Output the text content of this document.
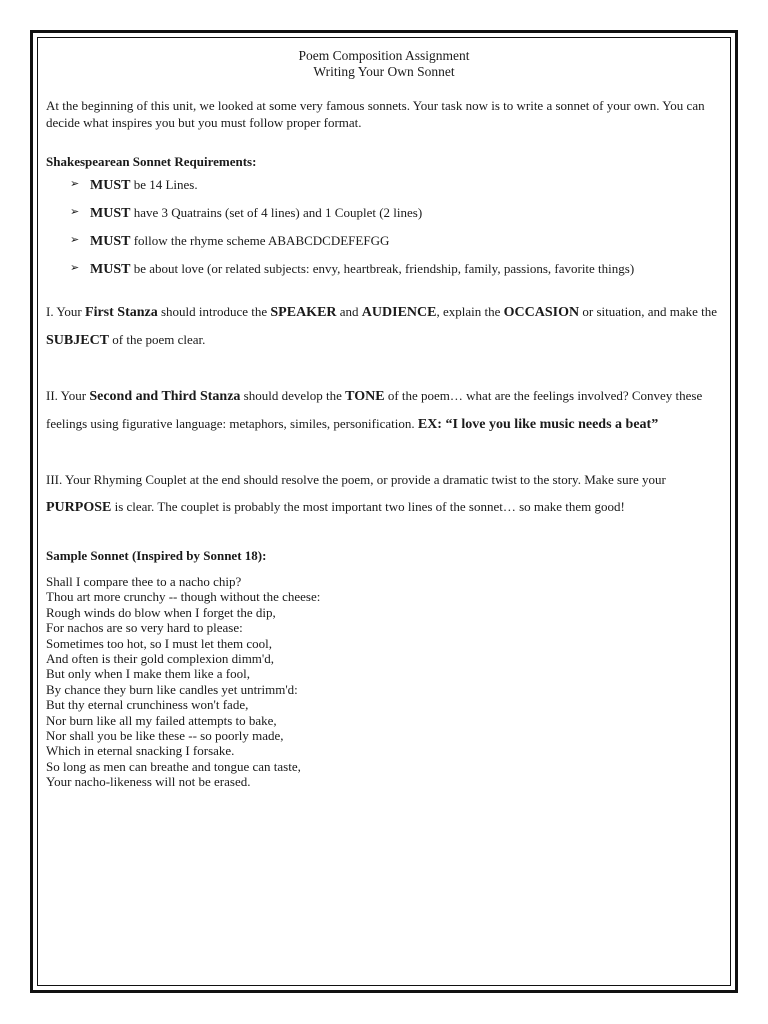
Poem Composition Assignment
Writing Your Own Sonnet

At the beginning of this unit, we looked at some very famous sonnets. Your task now is to write a sonnet of your own. You can decide what inspires you but you must follow proper format.

Shakespearean Sonnet Requirements:

➢ MUST be 14 Lines.
➢ MUST have 3 Quatrains (set of 4 lines) and 1 Couplet (2 lines)
➢ MUST follow the rhyme scheme ABABCDCDEFEFGG
➢ MUST be about love (or related subjects: envy, heartbreak, friendship, family, passions, favorite things)

I. Your First Stanza should introduce the SPEAKER and AUDIENCE, explain the OCCASION or situation, and make the SUBJECT of the poem clear.

II. Your Second and Third Stanza should develop the TONE of the poem… what are the feelings involved? Convey these feelings using figurative language: metaphors, similes, personification. EX: “I love you like music needs a beat”

III. Your Rhyming Couplet at the end should resolve the poem, or provide a dramatic twist to the story. Make sure your PURPOSE is clear. The couplet is probably the most important two lines of the sonnet… so make them good!

Sample Sonnet (Inspired by Sonnet 18):

Shall I compare thee to a nacho chip?
Thou art more crunchy -- though without the cheese:
Rough winds do blow when I forget the dip,
For nachos are so very hard to please:
Sometimes too hot, so I must let them cool,
And often is their gold complexion dimm'd,
But only when I make them like a fool,
By chance they burn like candles yet untrimm'd:
But thy eternal crunchiness won't fade,
Nor burn like all my failed attempts to bake,
Nor shall you be like these -- so poorly made,
Which in eternal snacking I forsake.
So long as men can breathe and tongue can taste,
Your nacho-likeness will not be erased.
